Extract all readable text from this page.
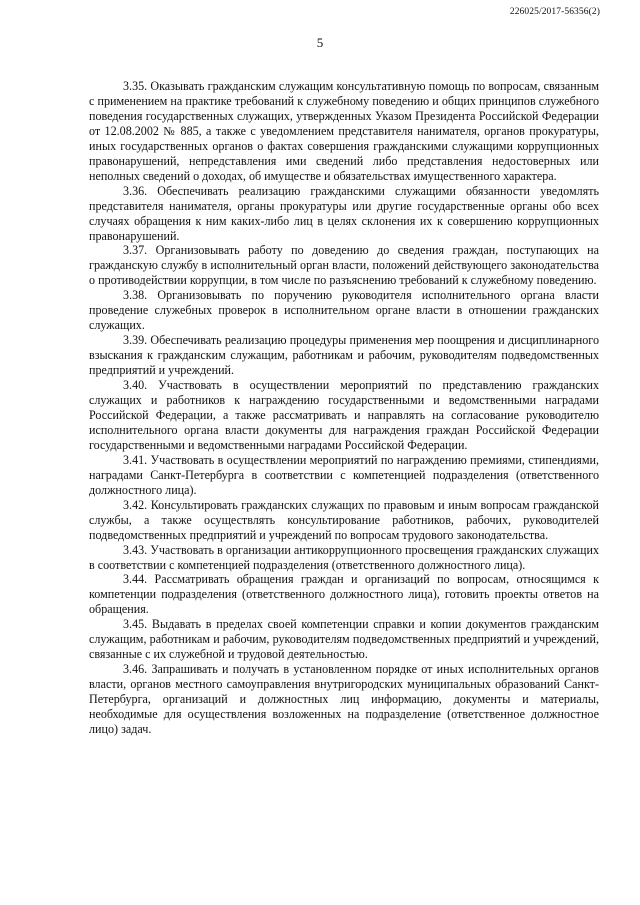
226025/2017-56356(2)
5

3.35. Оказывать гражданским служащим консультативную помощь по вопросам, связанным с применением на практике требований к служебному поведению и общих принципов служебного поведения государственных служащих, утвержденных Указом Президента Российской Федерации от 12.08.2002 № 885, а также с уведомлением представителя нанимателя, органов прокуратуры, иных государственных органов о фактах совершения гражданскими служащими коррупционных правонарушений, непредставления ими сведений либо представления недостоверных или неполных сведений о доходах, об имуществе и обязательствах имущественного характера.

3.36. Обеспечивать реализацию гражданскими служащими обязанности уведомлять представителя нанимателя, органы прокуратуры или другие государственные органы обо всех случаях обращения к ним каких-либо лиц в целях склонения их к совершению коррупционных правонарушений.

3.37. Организовывать работу по доведению до сведения граждан, поступающих на гражданскую службу в исполнительный орган власти, положений действующего законодательства о противодействии коррупции, в том числе по разъяснению требований к служебному поведению.

3.38. Организовывать по поручению руководителя исполнительного органа власти проведение служебных проверок в исполнительном органе власти в отношении гражданских служащих.

3.39. Обеспечивать реализацию процедуры применения мер поощрения и дисциплинарного взыскания к гражданским служащим, работникам и рабочим, руководителям подведомственных предприятий и учреждений.

3.40. Участвовать в осуществлении мероприятий по представлению гражданских служащих и работников к награждению государственными и ведомственными наградами Российской Федерации, а также рассматривать и направлять на согласование руководителю исполнительного органа власти документы для награждения граждан Российской Федерации государственными и ведомственными наградами Российской Федерации.

3.41. Участвовать в осуществлении мероприятий по награждению премиями, стипендиями, наградами Санкт-Петербурга в соответствии с компетенцией подразделения (ответственного должностного лица).

3.42. Консультировать гражданских служащих по правовым и иным вопросам гражданской службы, а также осуществлять консультирование работников, рабочих, руководителей подведомственных предприятий и учреждений по вопросам трудового законодательства.

3.43. Участвовать в организации антикоррупционного просвещения гражданских служащих в соответствии с компетенцией подразделения (ответственного должностного лица).

3.44. Рассматривать обращения граждан и организаций по вопросам, относящимся к компетенции подразделения (ответственного должностного лица), готовить проекты ответов на обращения.

3.45. Выдавать в пределах своей компетенции справки и копии документов гражданским служащим, работникам и рабочим, руководителям подведомственных предприятий и учреждений, связанные с их служебной и трудовой деятельностью.

3.46. Запрашивать и получать в установленном порядке от иных исполнительных органов власти, органов местного самоуправления внутригородских муниципальных образований Санкт-Петербурга, организаций и должностных лиц информацию, документы и материалы, необходимые для осуществления возложенных на подразделение (ответственное должностное лицо) задач.
